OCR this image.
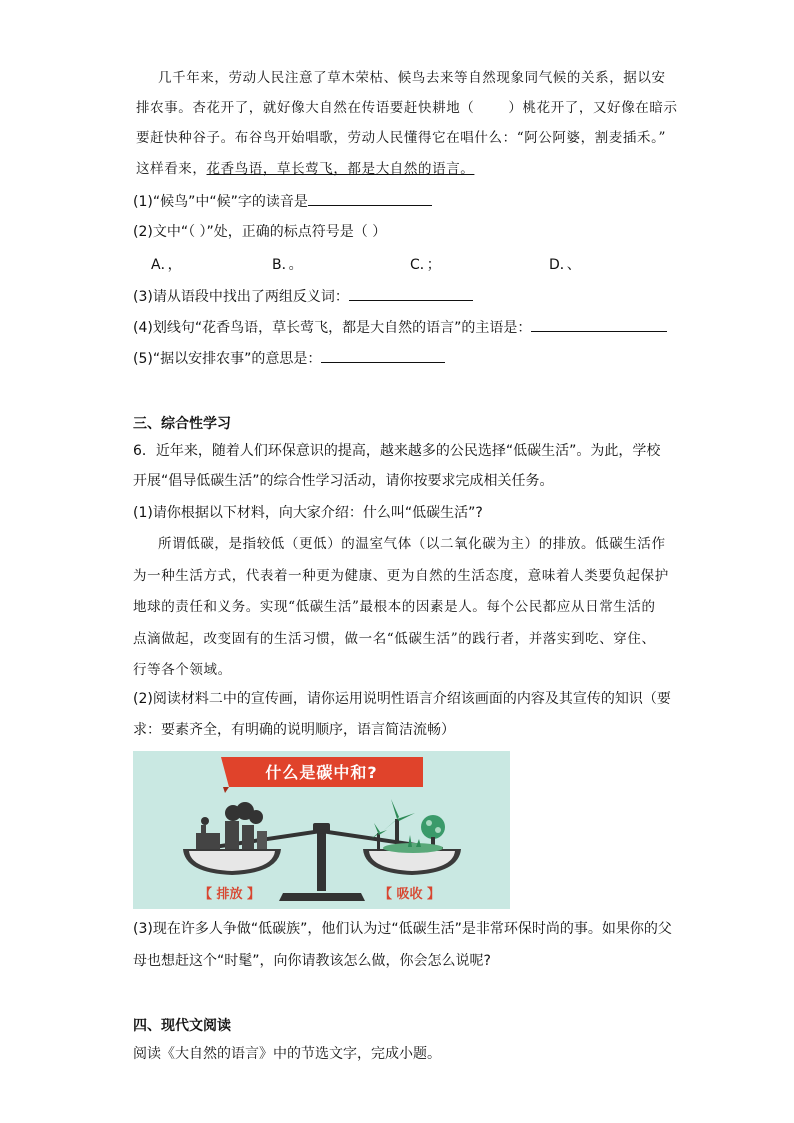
几千年来，劳动人民注意了草木荣枯、候鸟去来等自然现象同气候的关系，据以安
排农事。杏花开了，就好像大自然在传语要赶快耕地（	）桃花开了，又好像在暗示
要赶快种谷子。布谷鸟开始唱歌，劳动人民懂得它在唱什么：“阿公阿婆，割麦插禾。”
这样看来，花香鸟语，草长莺飞，都是大自然的语言。
(1)“候鸟”中“候”字的读音是
(2)文中“（ ）”处，正确的标点符号是（ ）
A．，	B．。	C．；	D．、
(3)请从语段中找出了两组反义词：
(4)划线句“花香鸟语，草长莺飞，都是大自然的语言”的主语是：
(5)“据以安排农事”的意思是：
三、综合性学习
6．近年来，随着人们环保意识的提高，越来越多的公民选择“低碳生活”。为此，学校
开展“倡导低碳生活”的综合性学习活动，请你按要求完成相关任务。
(1)请你根据以下材料，向大家介绍：什么叫“低碳生活”?
所谓低碳，是指较低（更低）的温室气体（以二氧化碳为主）的排放。低碳生活作
为一种生活方式，代表着一种更为健康、更为自然的生活态度，意味着人类要负起保护
地球的责任和义务。实现“低碳生活”最根本的因素是人。每个公民都应从日常生活的
点滴做起，改变固有的生活习惯，做一名“低碳生活”的践行者，并落实到吃、穿住、
行等各个领域。
(2)阅读材料二中的宣传画，请你运用说明性语言介绍该画面的内容及其宣传的知识（要
求：要素齐全，有明确的说明顺序，语言简洁流畅）
什么是碳中和?
【 排放 】	【 吸收 】
(3)现在许多人争做“低碳族”，他们认为过“低碳生活”是非常环保时尚的事。如果你的父
母也想赶这个“时髦”，向你请教该怎么做，你会怎么说呢?
四、现代文阅读
阅读《大自然的语言》中的节选文字，完成小题。
